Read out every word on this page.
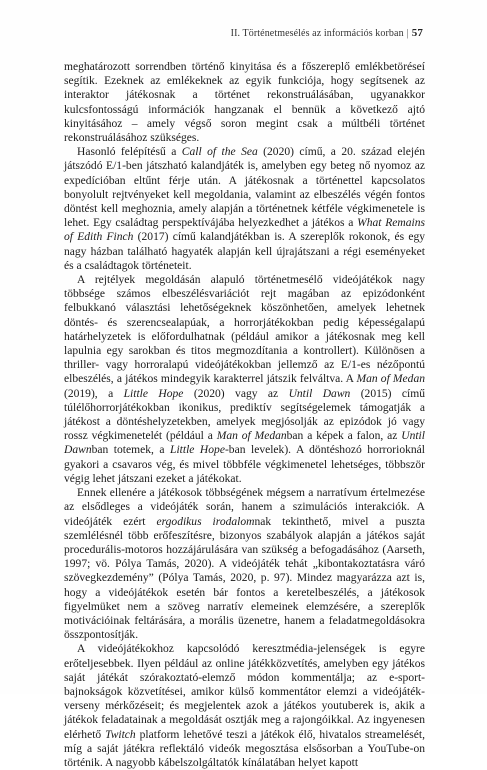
II. Történetmesélés az információs korban | 57

meghatározott sorrendben történő kinyitása és a főszereplő emlékbetöréseí segítik. Ezeknek az emlékeknek az egyik funkciója, hogy segítsenek az interaktor játékosnak a történet rekonstruálásában, ugyanakkor kulcsfontosságú információk hangzanak el bennük a következő ajtó kinyitásához – amely végső soron megint csak a múltbéli történet rekonstruálásához szükséges.

Hasonló felépítésű a Call of the Sea (2020) című, a 20. század elején játszódó E/1-ben játszható kalandjáték is, amelyben egy beteg nő nyomoz az expedícióban eltűnt férje után. A játékosnak a történettel kapcsolatos bonyolult rejtvényeket kell megoldania, valamint az elbeszélés végén fontos döntést kell meghoznia, amely alapján a történetnek kétféle végkimenetele is lehet. Egy családtag perspektívájába helyezkedhet a játékos a What Remains of Edith Finch (2017) című kalandjátékban is. A szereplők rokonok, és egy nagy házban található hagyaték alapján kell újrajátszani a régi eseményeket és a családtagok történeteit.

A rejtélyek megoldásán alapuló történetmesélő videójátékok nagy többsége számos elbeszélésvariációt rejt magában az epizódonként felbukkanó választási lehetőségeknek köszönhetően, amelyek lehetnek döntés- és szerencsealapúak, a horrorjátékokban pedig képességalapú határhelyzetek is előfordulhatnak (például amikor a játékosnak meg kell lapulnia egy sarokban és titos megmozdítania a kontrollert). Különösen a thriller- vagy horroralapú videójátékokban jellemző az E/1-es nézőpontú elbeszélés, a játékos mindegyik karakterrel játszik felváltva. A Man of Medan (2019), a Little Hope (2020) vagy az Until Dawn (2015) című túlélőhorrorjátékokban ikonikus, prediktív segítségelemek támogatják a játékost a döntéshelyzetekben, amelyek megjósolják az epizódok jó vagy rossz végkimenetelét (például a Man of Medanban a képek a falon, az Until Dawnban totemek, a Little Hope-ban levelek). A döntéshozó horrorioknál gyakori a csavaros vég, és mivel többféle végkimenetel lehetséges, többször végig lehet játszani ezeket a játékokat.

Ennek ellenére a játékosok többségének mégsem a narratívum értelmezése az elsődleges a videójáték során, hanem a szimulációs interakciók. A videójáték ezért ergodikus irodalomnak tekinthető, mivel a puszta szemlélésnél több erőfeszítésre, bizonyos szabályok alapján a játékos saját procedurális-motoros hozzájárulására van szükség a befogadásához (Aarseth, 1997; vö. Pólya Tamás, 2020). A videójáték tehát „kibontakoztatásra váró szövegkezdemény” (Pólya Tamás, 2020, p. 97). Mindez magyarázza azt is, hogy a videójátékok esetén bár fontos a keretelbeszélés, a játékosok figyelmüket nem a szöveg narratív elemeinek elemzésére, a szereplők motivációinak feltárására, a morális üzenetre, hanem a feladatmegoldásokra összpontosítják.

A videójátékokhoz kapcsolódó keresztmédia-jelenségek is egyre erőteljesebbek. Ilyen például az online játékközvetítés, amelyben egy játékos saját játékát szórakoztató-elemző módon kommentálja; az e-sport-bajnokságok közvetítései, amikor külső kommentátor elemzi a videójáték-verseny mérkőzéseit; és megjelentek azok a játékos youtuberek is, akik a játékok feladatainak a megoldását osztják meg a rajongóikkal. Az ingyenesen elérhető Twitch platform lehetővé teszi a játékok élő, hivatalos streamelését, míg a saját játékra reflektáló videók megosztása elsősorban a YouTube-on történik. A nagyobb kábelszolgáltatók kínálatában helyet kapott
